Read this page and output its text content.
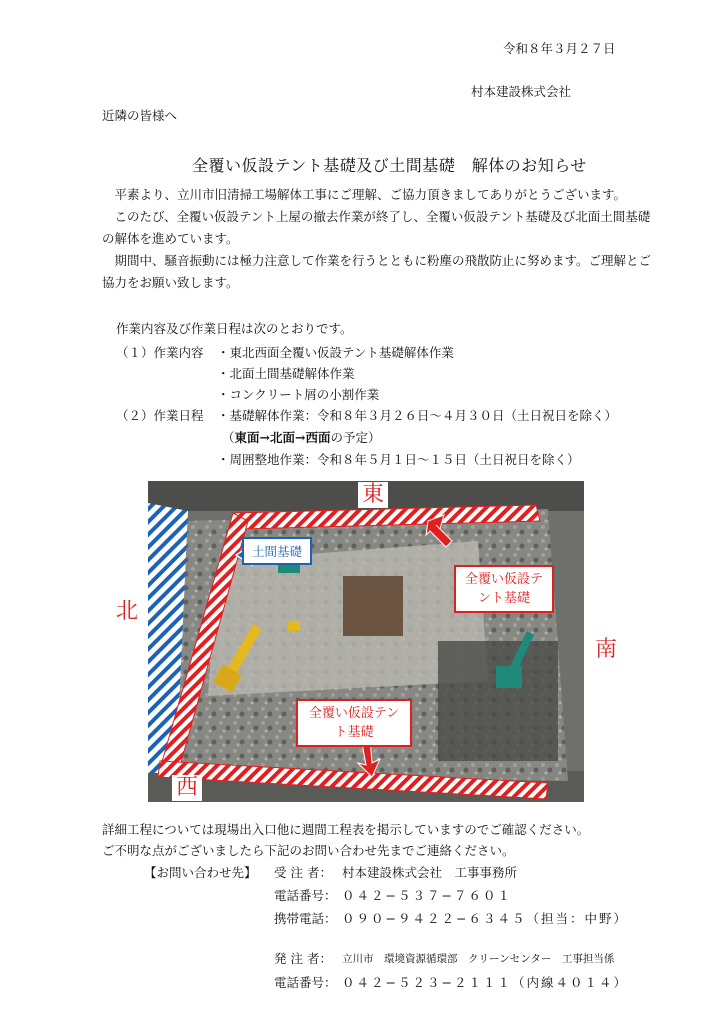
令和８年３月２７日
村本建設株式会社
近隣の皆様へ
全覆い仮設テント基礎及び土間基礎　解体のお知らせ
平素より、立川市旧清掃工場解体工事にご理解、ご協力頂きましてありがとうございます。
このたび、全覆い仮設テント上屋の撤去作業が終了し、全覆い仮設テント基礎及び北面土間基礎の解体を進めています。
期間中、騒音振動には極力注意して作業を行うとともに粉塵の飛散防止に努めます。ご理解とご協力をお願い致します。
作業内容及び作業日程は次のとおりです。
（１）作業内容 ・東北西面全覆い仮設テント基礎解体作業
・北面土間基礎解体作業
・コンクリート屑の小割作業
（２）作業日程 ・基礎解体作業：令和８年３月２６日〜４月３０日（土日祝日を除く）
（東面→北面→西面の予定）
・周囲整地作業：令和８年５月１日〜１５日（土日祝日を除く）
東
西
土間基礎
全覆い仮設テント基礎
全覆い仮設テント基礎
北
南
詳細工程については現場出入口他に週間工程表を掲示していますのでご確認ください。
ご不明な点がございましたら下記のお問い合わせ先までご連絡ください。
【お問い合わせ先】 受 注 者： 村本建設株式会社　工事事務所
電話番号： ０４２−５３７−７６０１
携帯電話： ０９０−９４２２−６３４５（担当：中野）
発 注 者： 立川市　環境資源循環部　クリーンセンター　工事担当係
電話番号： ０４２−５２３−２１１１（内線４０１４）
